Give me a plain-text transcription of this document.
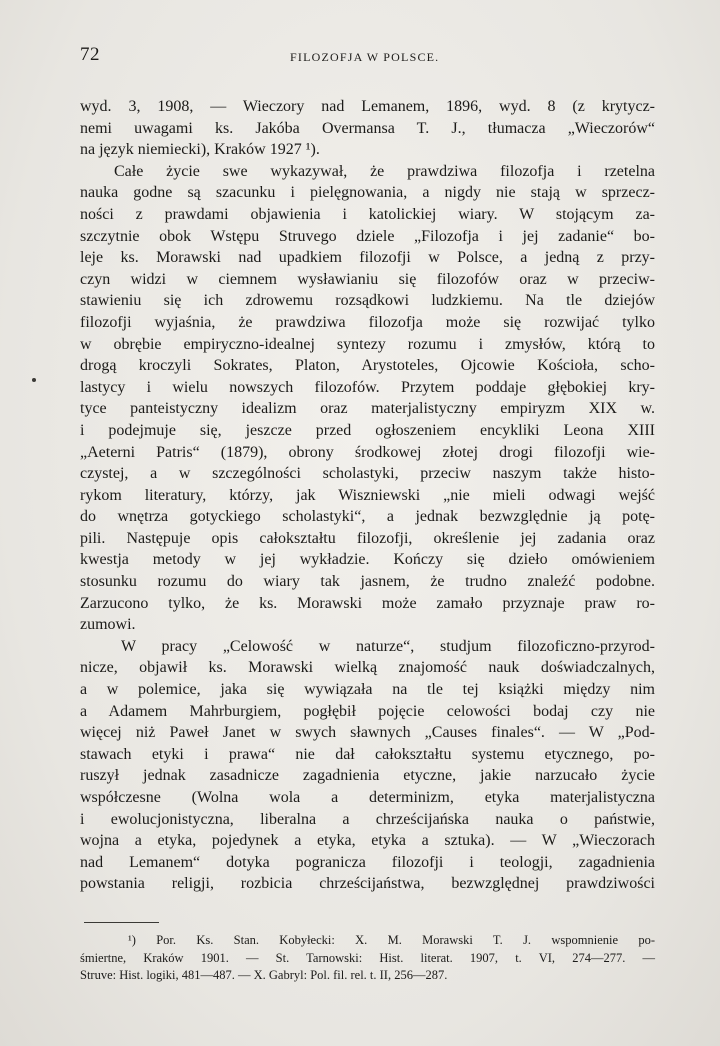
72	FILOZOFJA W POLSCE.
wyd. 3, 1908, — Wieczory nad Lemanem, 1896, wyd. 8 (z krytycz-
nemi uwagami ks. Jakóba Overmansa T. J., tłumacza „Wieczorów“
na język niemiecki), Kraków 1927 ¹).
Całe życie swe wykazywał, że prawdziwa filozofja i rzetelna
nauka godne są szacunku i pielęgnowania, a nigdy nie stają w sprzecz-
ności z prawdami objawienia i katolickiej wiary. W stojącym za-
szczytnie obok Wstępu Struvego dziele „Filozofja i jej zadanie“ bo-
leje ks. Morawski nad upadkiem filozofji w Polsce, a jedną z przy-
czyn widzi w ciemnem wysławianiu się filozofów oraz w przeciw-
stawieniu się ich zdrowemu rozsądkowi ludzkiemu. Na tle dziejów
filozofji wyjaśnia, że prawdziwa filozofja może się rozwijać tylko
w obrębie empiryczno-idealnej syntezy rozumu i zmysłów, którą to
drogą kroczyli Sokrates, Platon, Arystoteles, Ojcowie Kościoła, scho-
lastycy i wielu nowszych filozofów. Przytem poddaje głębokiej kry-
tyce panteistyczny idealizm oraz materjalistyczny empiryzm XIX w.
i podejmuje się, jeszcze przed ogłoszeniem encykliki Leona XIII
„Aeterni Patris“ (1879), obrony środkowej złotej drogi filozofji wie-
czystej, a w szczególności scholastyki, przeciw naszym także histo-
rykom literatury, którzy, jak Wiszniewski „nie mieli odwagi wejść
do wnętrza gotyckiego scholastyki“, a jednak bezwzględnie ją potę-
pili. Następuje opis całokształtu filozofji, określenie jej zadania oraz
kwestja metody w jej wykładzie. Kończy się dzieło omówieniem
stosunku rozumu do wiary tak jasnem, że trudno znaleźć podobne.
Zarzucono tylko, że ks. Morawski może zamało przyznaje praw ro-
zumowi.
W pracy „Celowość w naturze“, studjum filozoficzno-przyrod-
nicze, objawił ks. Morawski wielką znajomość nauk doświadczalnych,
a w polemice, jaka się wywiązała na tle tej książki między nim
a Adamem Mahrburgiem, pogłębił pojęcie celowości bodaj czy nie
więcej niż Paweł Janet w swych sławnych „Causes finales“. — W „Pod-
stawach etyki i prawa“ nie dał całokształtu systemu etycznego, po-
ruszył jednak zasadnicze zagadnienia etyczne, jakie narzucało życie
współczesne (Wolna wola a determinizm, etyka materjalistyczna
i ewolucjonistyczna, liberalna a chrześcijańska nauka o państwie,
wojna a etyka, pojedynek a etyka, etyka a sztuka). — W „Wieczorach
nad Lemanem“ dotyka pogranicza filozofji i teologji, zagadnienia
powstania religji, rozbicia chrześcijaństwa, bezwzględnej prawdziwości
¹) Por. Ks. Stan. Kobyłecki: X. M. Morawski T. J. wspomnienie po-
śmiertne, Kraków 1901. — St. Tarnowski: Hist. literat. 1907, t. VI, 274—277. —
Struve: Hist. logiki, 481—487. — X. Gabryl: Pol. fil. rel. t. II, 256—287.
